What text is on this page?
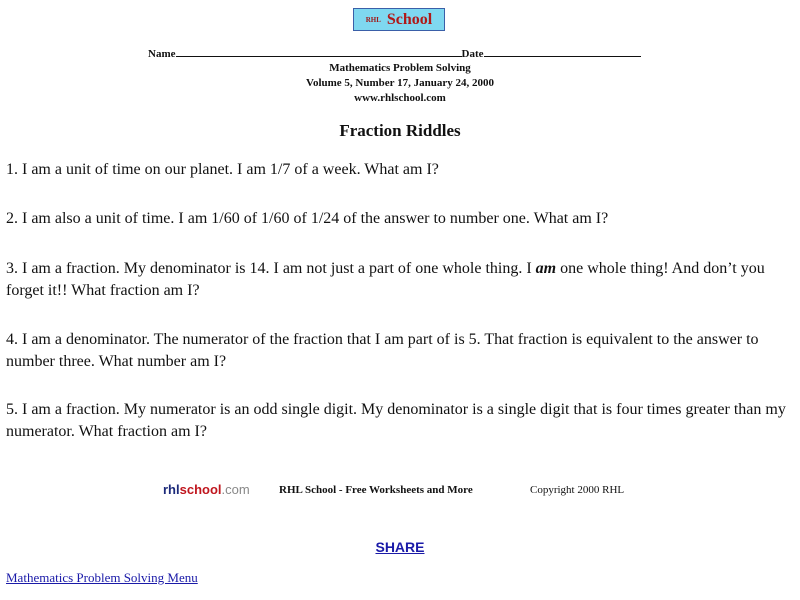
RHL School
Name	Date
Mathematics Problem Solving
Volume 5, Number 17, January 24, 2000
www.rhlschool.com
Fraction Riddles

1. I am a unit of time on our planet. I am 1/7 of a week. What am I?

2. I am also a unit of time. I am 1/60 of 1/60 of 1/24 of the answer to number one. What am I?

3. I am a fraction. My denominator is 14. I am not just a part of one whole thing. I am one whole thing! And don’t you forget it!! What fraction am I?

4. I am a denominator. The numerator of the fraction that I am part of is 5. That fraction is equivalent to the answer to number three. What number am I?

5. I am a fraction. My numerator is an odd single digit. My denominator is a single digit that is four times greater than my numerator. What fraction am I?

rhlschool.com	RHL School - Free Worksheets and More	Copyright 2000 RHL
SHARE
Mathematics Problem Solving Menu
